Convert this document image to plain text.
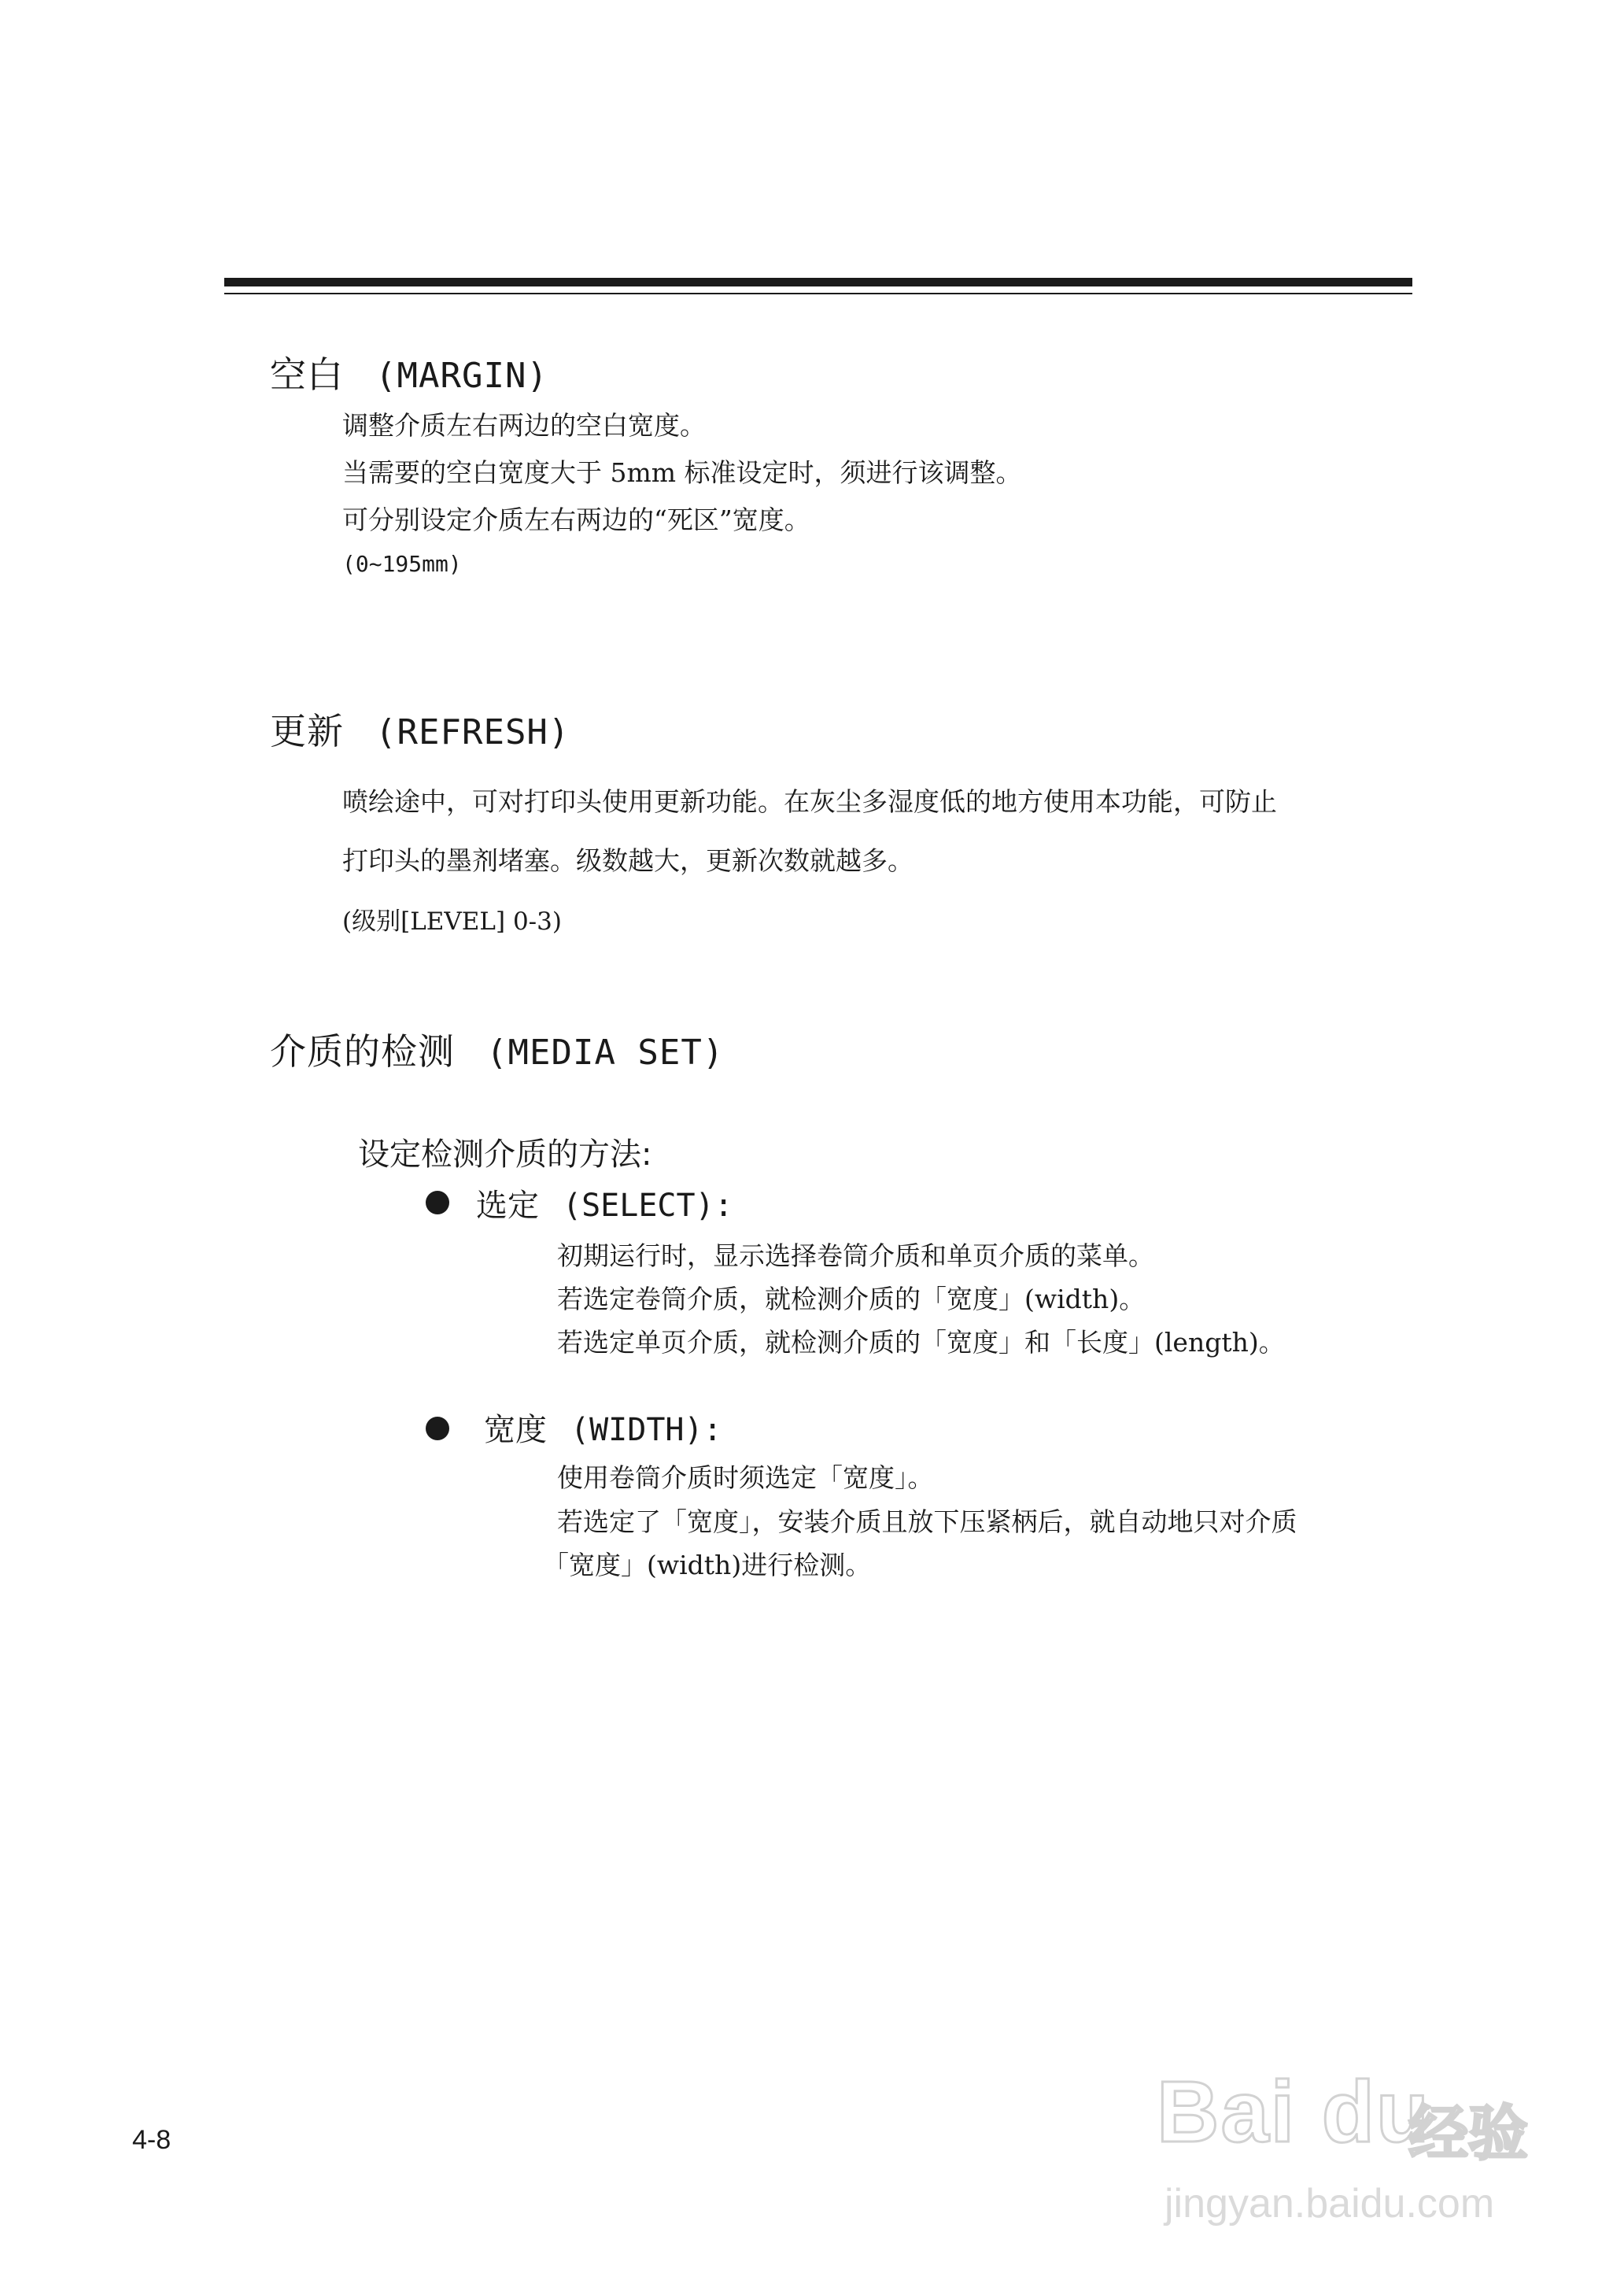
空白 (MARGIN)
调整介质左右两边的空白宽度。
当需要的空白宽度大于 5mm 标准设定时，须进行该调整。
可分别设定介质左右两边的“死区”宽度。
(0~195mm)
更新 (REFRESH)
喷绘途中，可对打印头使用更新功能。在灰尘多湿度低的地方使用本功能，可防止
打印头的墨剂堵塞。级数越大，更新次数就越多。
(级别[LEVEL] 0-3)
介质的检测 (MEDIA SET)
设定检测介质的方法:
选定 (SELECT):
初期运行时，显示选择卷筒介质和单页介质的菜单。
若选定卷筒介质，就检测介质的「宽度」(width)。
若选定单页介质，就检测介质的「宽度」和「长度」(length)。
宽度 (WIDTH):
使用卷筒介质时须选定「宽度」。
若选定了「宽度」，安装介质且放下压紧柄后，就自动地只对介质
「宽度」(width)进行检测。
4-8	Bai du
经验
jingyan.baidu.com
